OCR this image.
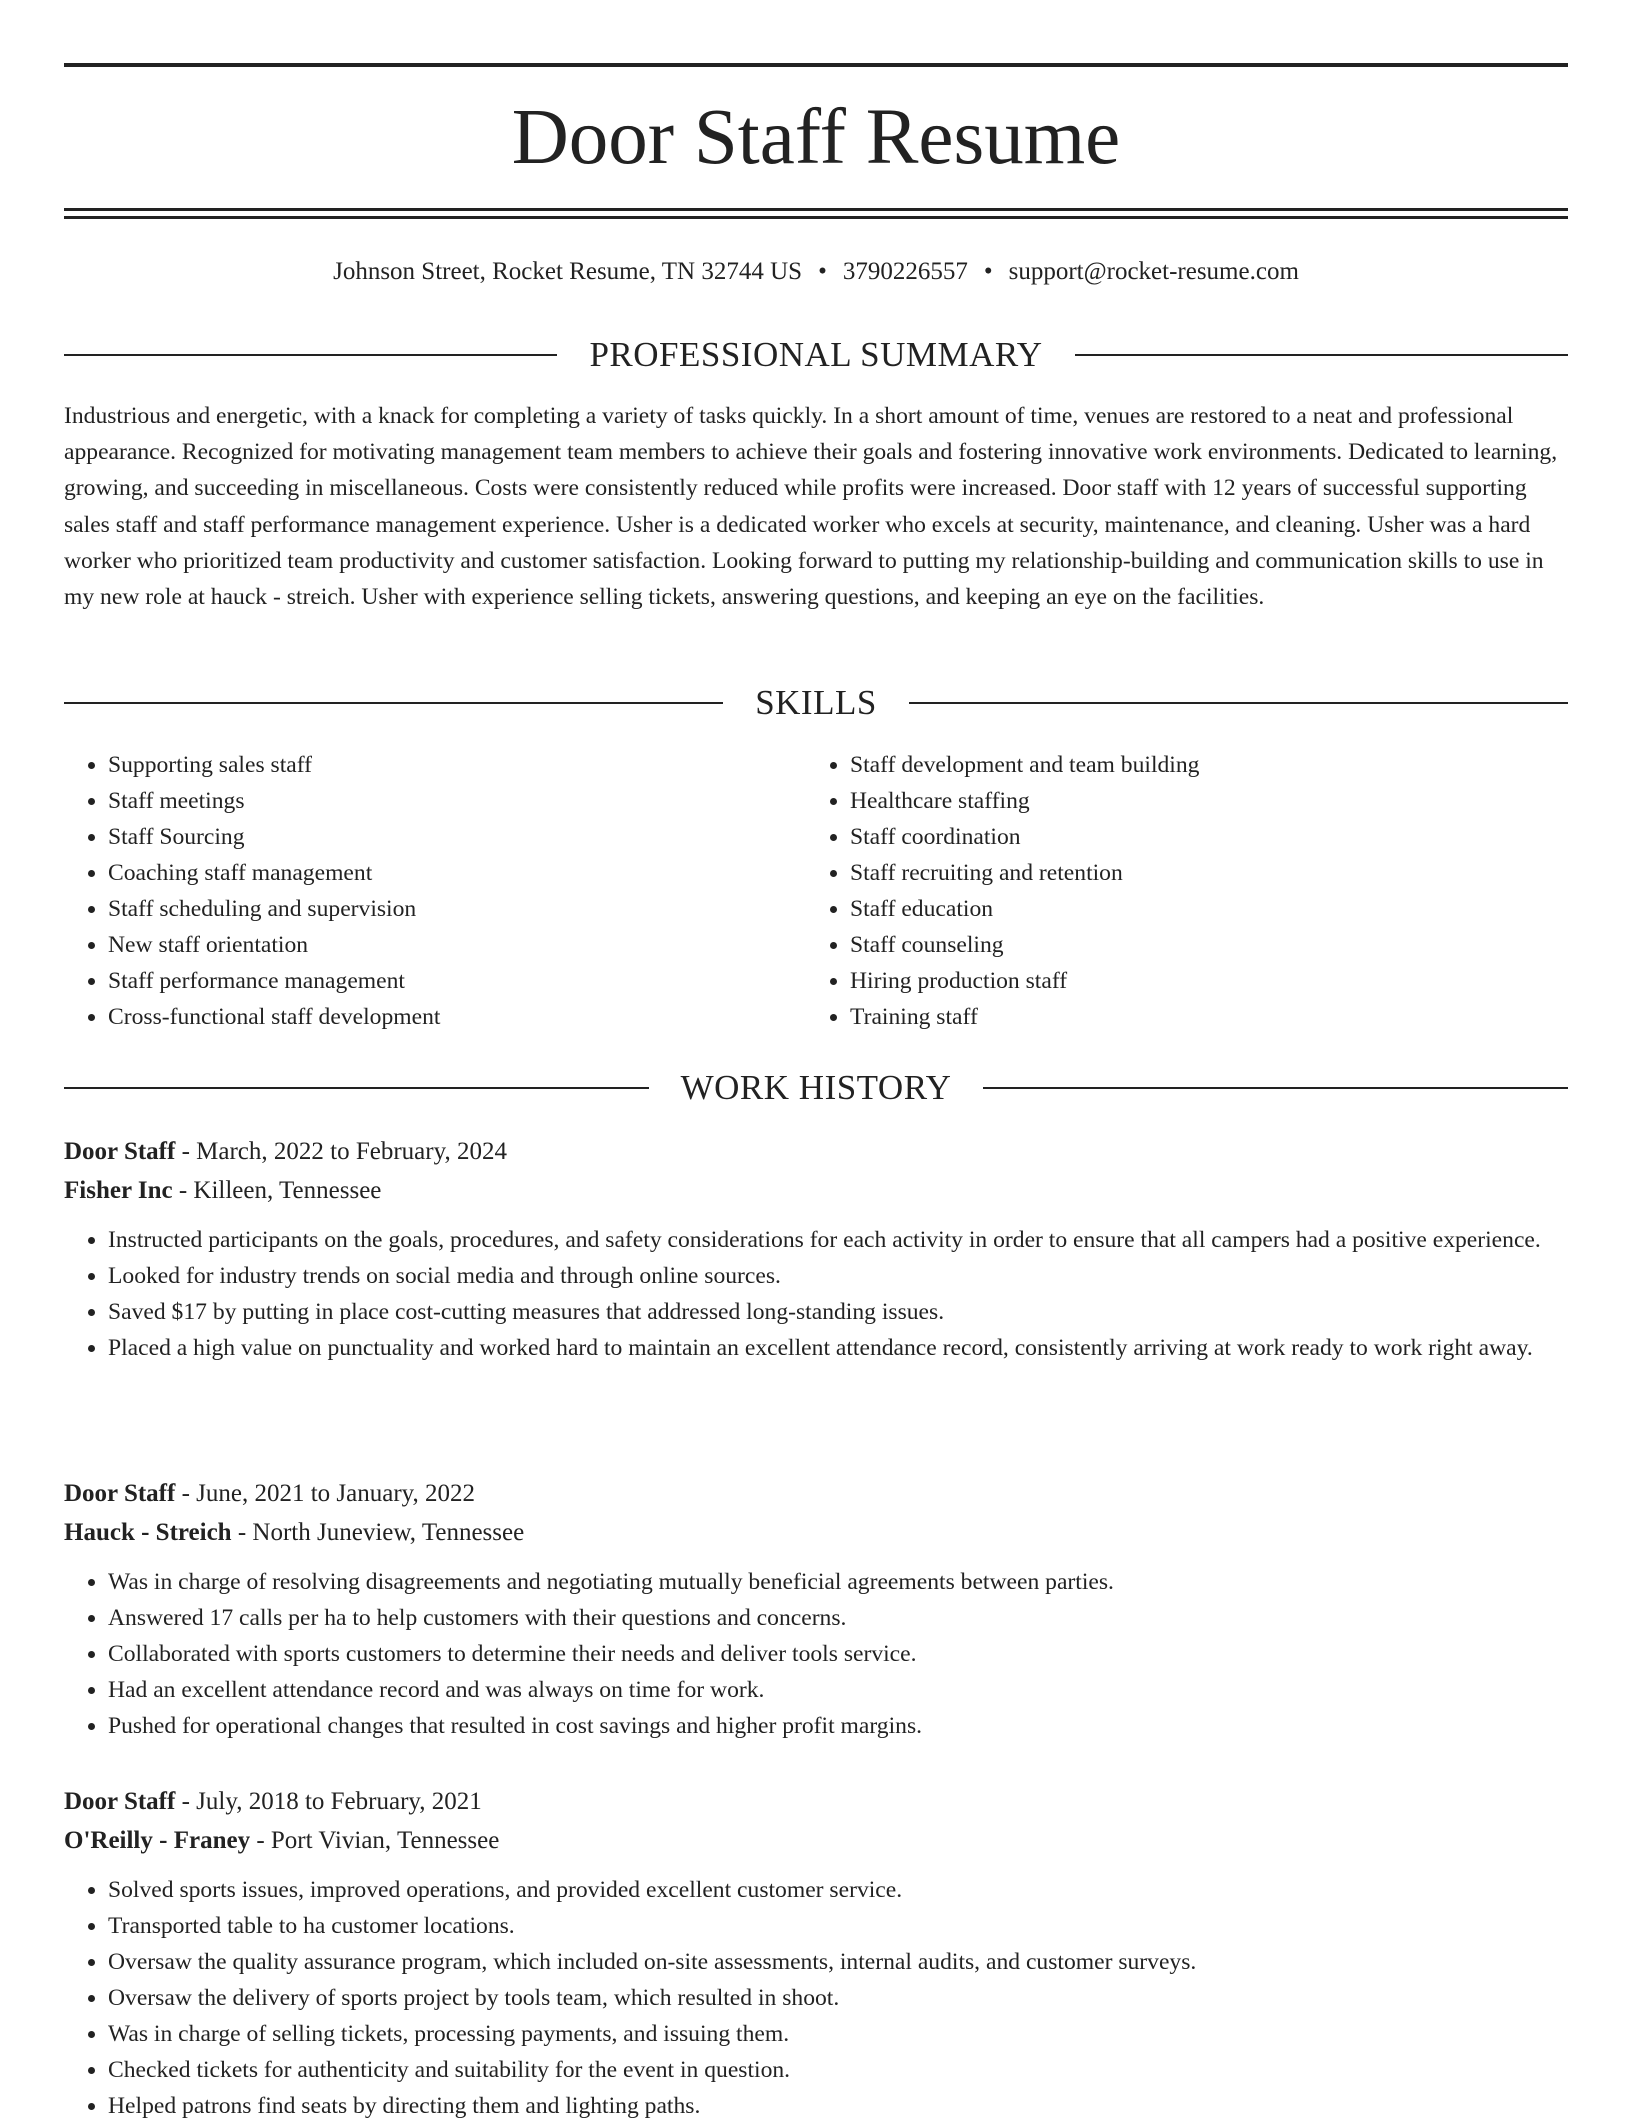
Door Staff Resume
Johnson Street, Rocket Resume, TN 32744 US • 3790226557 • support@rocket-resume.com
PROFESSIONAL SUMMARY

Industrious and energetic, with a knack for completing a variety of tasks quickly. In a short amount of time, venues are restored to a neat and professional appearance. Recognized for motivating management team members to achieve their goals and fostering innovative work environments. Dedicated to learning, growing, and succeeding in miscellaneous. Costs were consistently reduced while profits were increased. Door staff with 12 years of successful supporting sales staff and staff performance management experience. Usher is a dedicated worker who excels at security, maintenance, and cleaning. Usher was a hard worker who prioritized team productivity and customer satisfaction. Looking forward to putting my relationship-building and communication skills to use in my new role at hauck - streich. Usher with experience selling tickets, answering questions, and keeping an eye on the facilities.

SKILLS
• Supporting sales staff
• Staff meetings
• Staff Sourcing
• Coaching staff management
• Staff scheduling and supervision
• New staff orientation
• Staff performance management
• Cross-functional staff development
• Staff development and team building
• Healthcare staffing
• Staff coordination
• Staff recruiting and retention
• Staff education
• Staff counseling
• Hiring production staff
• Training staff
WORK HISTORY

Door Staff - March, 2022 to February, 2024

Fisher Inc - Killeen, Tennessee

• Instructed participants on the goals, procedures, and safety considerations for each activity in order to ensure that all campers had a positive experience.
• Looked for industry trends on social media and through online sources.
• Saved $17 by putting in place cost-cutting measures that addressed long-standing issues.
• Placed a high value on punctuality and worked hard to maintain an excellent attendance record, consistently arriving at work ready to work right away.

Door Staff - June, 2021 to January, 2022

Hauck - Streich - North Juneview, Tennessee

• Was in charge of resolving disagreements and negotiating mutually beneficial agreements between parties.
• Answered 17 calls per ha to help customers with their questions and concerns.
• Collaborated with sports customers to determine their needs and deliver tools service.
• Had an excellent attendance record and was always on time for work.
• Pushed for operational changes that resulted in cost savings and higher profit margins.

Door Staff - July, 2018 to February, 2021

O'Reilly - Franey - Port Vivian, Tennessee

• Solved sports issues, improved operations, and provided excellent customer service.
• Transported table to ha customer locations.
• Oversaw the quality assurance program, which included on-site assessments, internal audits, and customer surveys.
• Oversaw the delivery of sports project by tools team, which resulted in shoot.
• Was in charge of selling tickets, processing payments, and issuing them.
• Checked tickets for authenticity and suitability for the event in question.
• Helped patrons find seats by directing them and lighting paths.
